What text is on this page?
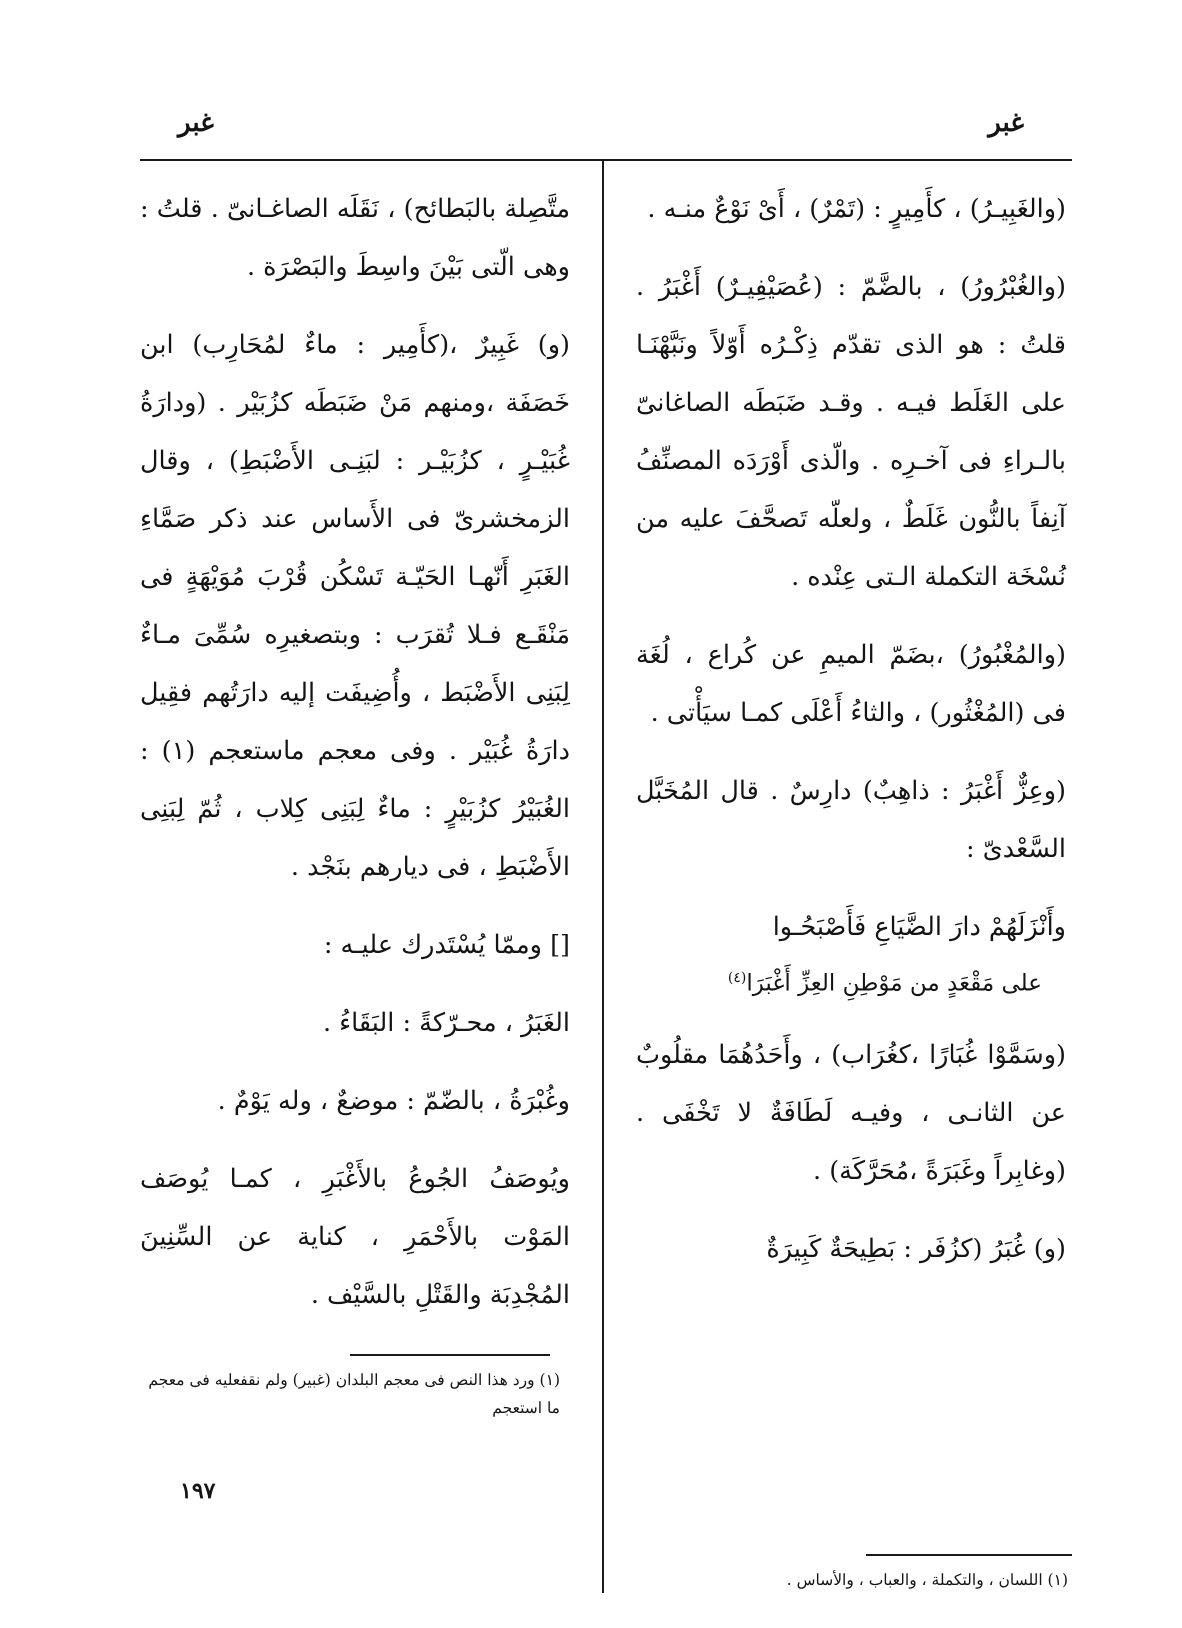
غبر
غبر

(والغَبِيـرُ) ، كأَمِيرٍ : (تَمْرٌ) ، أَىْ نَوْعٌ منـه .

(والغُبْرُورُ) ، بالضَّمّ : (عُصَيْفِيـرٌ) أَغْبَرُ . قلتُ : هو الذى تقدّم ذِكْـرُه أَوّلاً ونَبَّهْنَـا على الغَلَط فيـه . وقـد ضَبَطَه الصاغانىّ بالـراءِ فى آخـرِه . والّذى أَوْرَدَه المصنِّفُ آنِفاً بالنُّون غَلَطٌ ، ولعلّه تَصحَّفَ عليه من نُسْخَة التكملة الـتى عِنْده .

(والمُغْبُورُ) ،بضَمّ الميمِ عن كُراع ، لُغَة فى (المُغْثُور) ، والثاءُ أَعْلَى كمـا سيَأْتى .

(وعِزٌّ أَغْبَرُ : ذاهِبٌ) دارِسٌ . قال المُخَبَّل السَّعْدىّ :

وأَنْزَلَهُمْ دارَ الضَّيَاعِ فَأَصْبَحُـوا

على مَقْعَدٍ من مَوْطِنِ العِزِّ أَغْبَرَا$^{(٤)}$

(وسَمَّوْا غُبَارًا ،كغُرَاب) ، وأَحَدُهُمَا مقلُوبٌ عن الثانـى ، وفيـه لَطَافَةٌ لا تَخْفَى . (وغابِراً وغَبَرَةً ،مُحَرَّكَة) .

(و) غُبَرُ (كزُفَر : بَطِيحَةٌ كَبِيرَةٌ

متَّصِلة بالبَطائح) ، نَقَلَه الصاغـانىّ . قلتُ : وهى الّتى بَيْنَ واسِطَ والبَصْرَة .

(و) غَبِيرٌ ،(كأَمِير : ماءٌ لمُحَارِب) ابن خَصَفَة ،ومنهم مَنْ ضَبَطَه كزُبَيْر . (ودارَةُ غُبَيْـرٍ ، كزُبَيْـر : لبَنِـى الأَضْبَطِ) ، وقال الزمخشرىّ فى الأَساس عند ذكر صَمَّاءِ الغَبَرِ أَنّهـا الحَيّـة تَسْكُن قُرْبَ مُوَيْهَةٍ فى مَنْقَـع فـلا تُقرَب : وبتصغيرِه سُمِّىَ مـاءٌ لِبَنِى الأَضْبَط ، وأُضِيفَت إليه دارَتُهم فقِيل دارَةُ غُبَيْر . وفى معجم ماستعجم (١) : الغُبَيْرُ كزُبَيْرٍ : ماءٌ لِبَنِى كِلاب ، ثُمّ لِبَنِى الأَضْبَطِ ، فى ديارهم بنَجْد .

[] وممّا يُسْتَدرك عليـه :

الغَبَرُ ، محـرّكةً : البَقَاءُ .

وغُبْرَةُ ، بالضّمّ : موضعٌ ، وله يَوْمٌ .

ويُوصَفُ الجُوعُ بالأَغْبَرِ ، كمـا يُوصَف المَوْت بالأَحْمَرِ ، كناية عن السِّنِينَ المُجْدِبَة والقَتْلِ بالسَّيْف .

(١) ورد هذا النص فى معجم البلدان (غبير) ولم نقفعليه فى معجم ما استعجم
(١) اللسان ، والتكملة ، والعباب ، والأساس .
١٩٧
